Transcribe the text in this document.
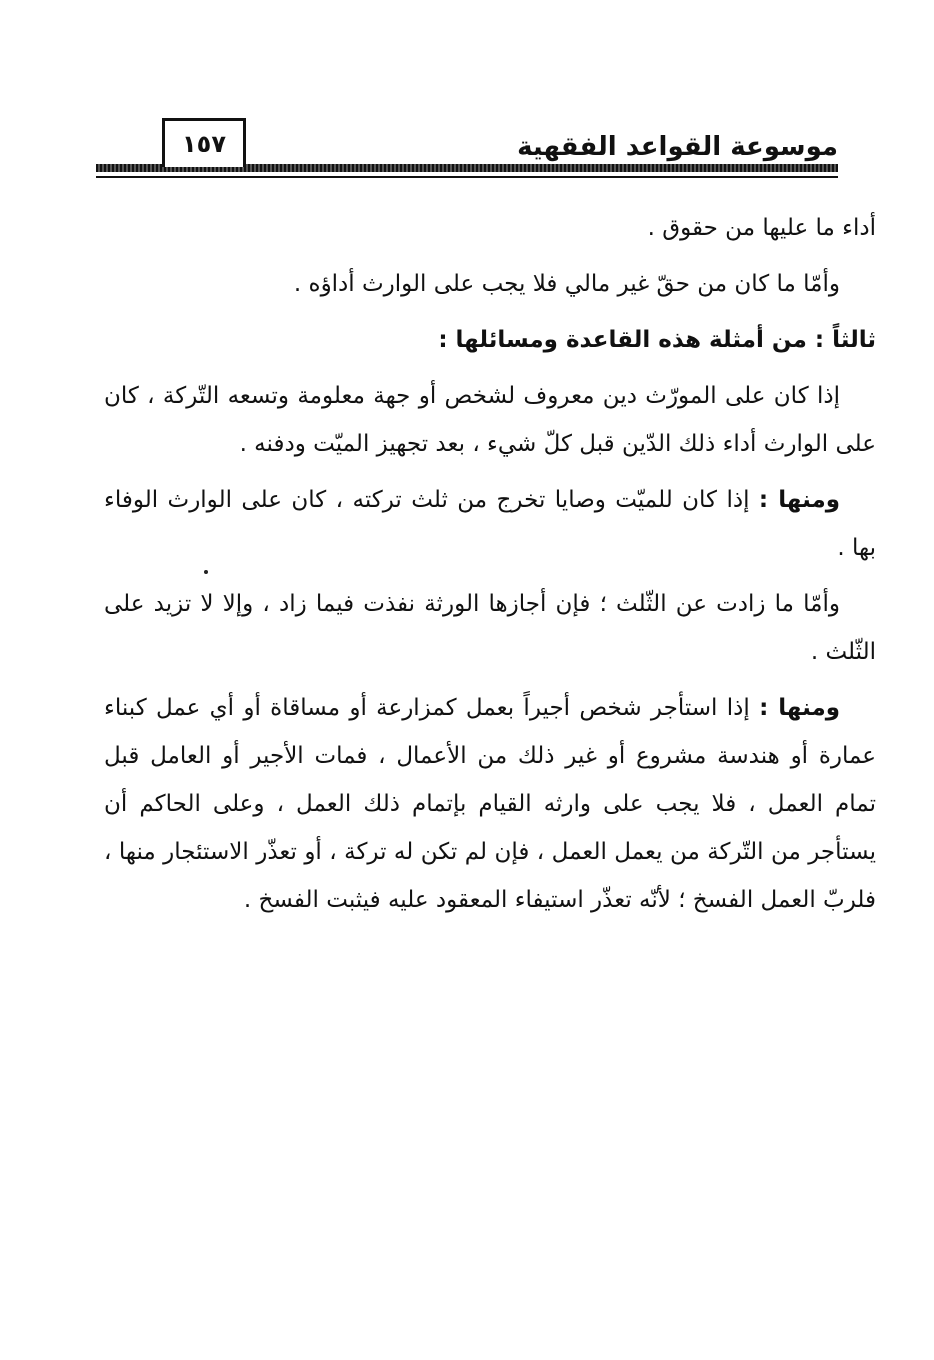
موسوعة القواعد الفقهية
١٥٧

أداء ما عليها من حقوق .

وأمّا ما كان من حقّ غير مالي فلا يجب على الوارث أداؤه .

ثالثاً : من أمثلة هذه القاعدة ومسائلها :

إذا كان على المورّث دين معروف لشخص أو جهة معلومة وتسعه التّركة ، كان على الوارث أداء ذلك الدّين قبل كلّ شيء ، بعد تجهيز الميّت ودفنه .

ومنها : إذا كان للميّت وصايا تخرج من ثلث تركته ، كان على الوارث الوفاء بها .

وأمّا ما زادت عن الثّلث ؛ فإن أجازها الورثة نفذت فيما زاد ، وإلا لا تزيد على الثّلث .

ومنها : إذا استأجر شخص أجيراً بعمل كمزارعة أو مساقاة أو أي عمل كبناء عمارة أو هندسة مشروع أو غير ذلك من الأعمال ، فمات الأجير أو العامل قبل تمام العمل ، فلا يجب على وارثه القيام بإتمام ذلك العمل ، وعلى الحاكم أن يستأجر من التّركة من يعمل العمل ، فإن لم تكن له تركة ، أو تعذّر الاستئجار منها ، فلربّ العمل الفسخ ؛ لأنّه تعذّر استيفاء المعقود عليه فيثبت الفسخ .
